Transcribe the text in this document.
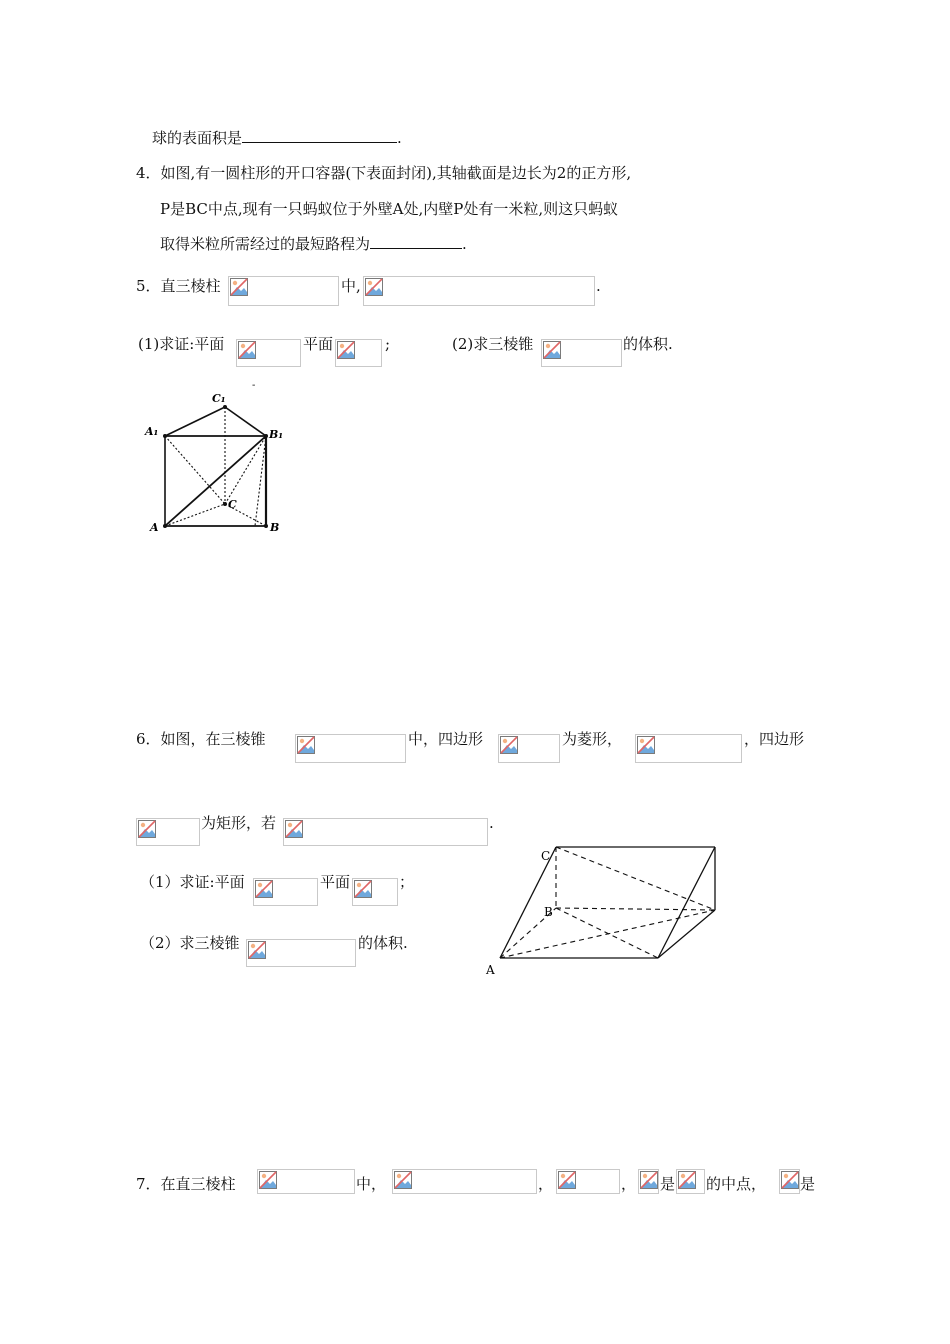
球的表面积是	.
4．如图,有一圆柱形的开口容器(下表面封闭),其轴截面是边长为2的正方形,
P是BC中点,现有一只蚂蚁位于外壁A处,内壁P处有一米粒,则这只蚂蚁
取得米粒所需经过的最短路程为	.
5．直三棱柱	中,	.
(1)求证:平面	平面	;	(2)求三棱锥	的体积.
-
C₁
A₁	B₁
A	B
C
6．如图，在三棱锥	中，四边形	为菱形，	，四边形
为矩形，若	.
（1）求证:平面	平面	；
（2）求三棱锥	的体积.
C
B
A
7．在直三棱柱	中，	，	， 是 的中点， 是
